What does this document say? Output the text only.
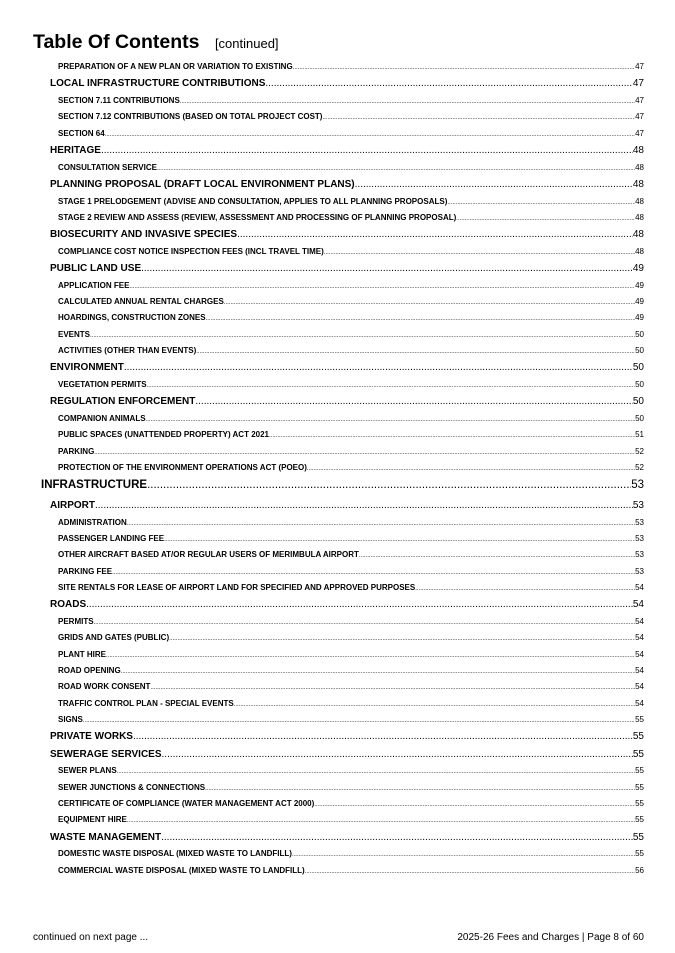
Table Of Contents [continued]
PREPARATION OF A NEW PLAN OR VARIATION TO EXISTING .....	47
LOCAL INFRASTRUCTURE CONTRIBUTIONS .....	47
SECTION 7.11 CONTRIBUTIONS .....	47
SECTION 7.12 CONTRIBUTIONS (BASED ON TOTAL PROJECT COST) .....	47
SECTION 64 .....	47
HERITAGE .....	48
CONSULTATION SERVICE .....	48
PLANNING PROPOSAL (DRAFT LOCAL ENVIRONMENT PLANS) .....	48
STAGE 1 PRELODGEMENT (ADVISE AND CONSULTATION, APPLIES TO ALL PLANNING PROPOSALS) .....	48
STAGE 2 REVIEW AND ASSESS (REVIEW, ASSESSMENT AND PROCESSING OF PLANNING PROPOSAL) .....	48
BIOSECURITY AND INVASIVE SPECIES .....	48
COMPLIANCE COST NOTICE INSPECTION FEES (INCL TRAVEL TIME) .....	48
PUBLIC LAND USE .....	49
APPLICATION FEE .....	49
CALCULATED ANNUAL RENTAL CHARGES .....	49
HOARDINGS, CONSTRUCTION ZONES .....	49
EVENTS .....	50
ACTIVITIES (OTHER THAN EVENTS) .....	50
ENVIRONMENT .....	50
VEGETATION PERMITS .....	50
REGULATION ENFORCEMENT .....	50
COMPANION ANIMALS .....	50
PUBLIC SPACES (UNATTENDED PROPERTY) ACT 2021 .....	51
PARKING .....	52
PROTECTION OF THE ENVIRONMENT OPERATIONS ACT (POEO) .....	52
INFRASTRUCTURE .....	53
AIRPORT .....	53
ADMINISTRATION .....	53
PASSENGER LANDING FEE .....	53
OTHER AIRCRAFT BASED AT/OR REGULAR USERS OF MERIMBULA AIRPORT .....	53
PARKING FEE .....	53
SITE RENTALS FOR LEASE OF AIRPORT LAND FOR SPECIFIED AND APPROVED PURPOSES .....	54
ROADS .....	54
PERMITS .....	54
GRIDS AND GATES (PUBLIC) .....	54
PLANT HIRE .....	54
ROAD OPENING .....	54
ROAD WORK CONSENT .....	54
TRAFFIC CONTROL PLAN - SPECIAL EVENTS .....	54
SIGNS .....	55
PRIVATE WORKS .....	55
SEWERAGE SERVICES .....	55
SEWER PLANS .....	55
SEWER JUNCTIONS & CONNECTIONS .....	55
CERTIFICATE OF COMPLIANCE (WATER MANAGEMENT ACT 2000) .....	55
EQUIPMENT HIRE .....	55
WASTE MANAGEMENT .....	55
DOMESTIC WASTE DISPOSAL (MIXED WASTE TO LANDFILL) .....	55
COMMERCIAL WASTE DISPOSAL (MIXED WASTE TO LANDFILL) .....	56
continued on next page ...	2025-26 Fees and Charges | Page 8 of 60
